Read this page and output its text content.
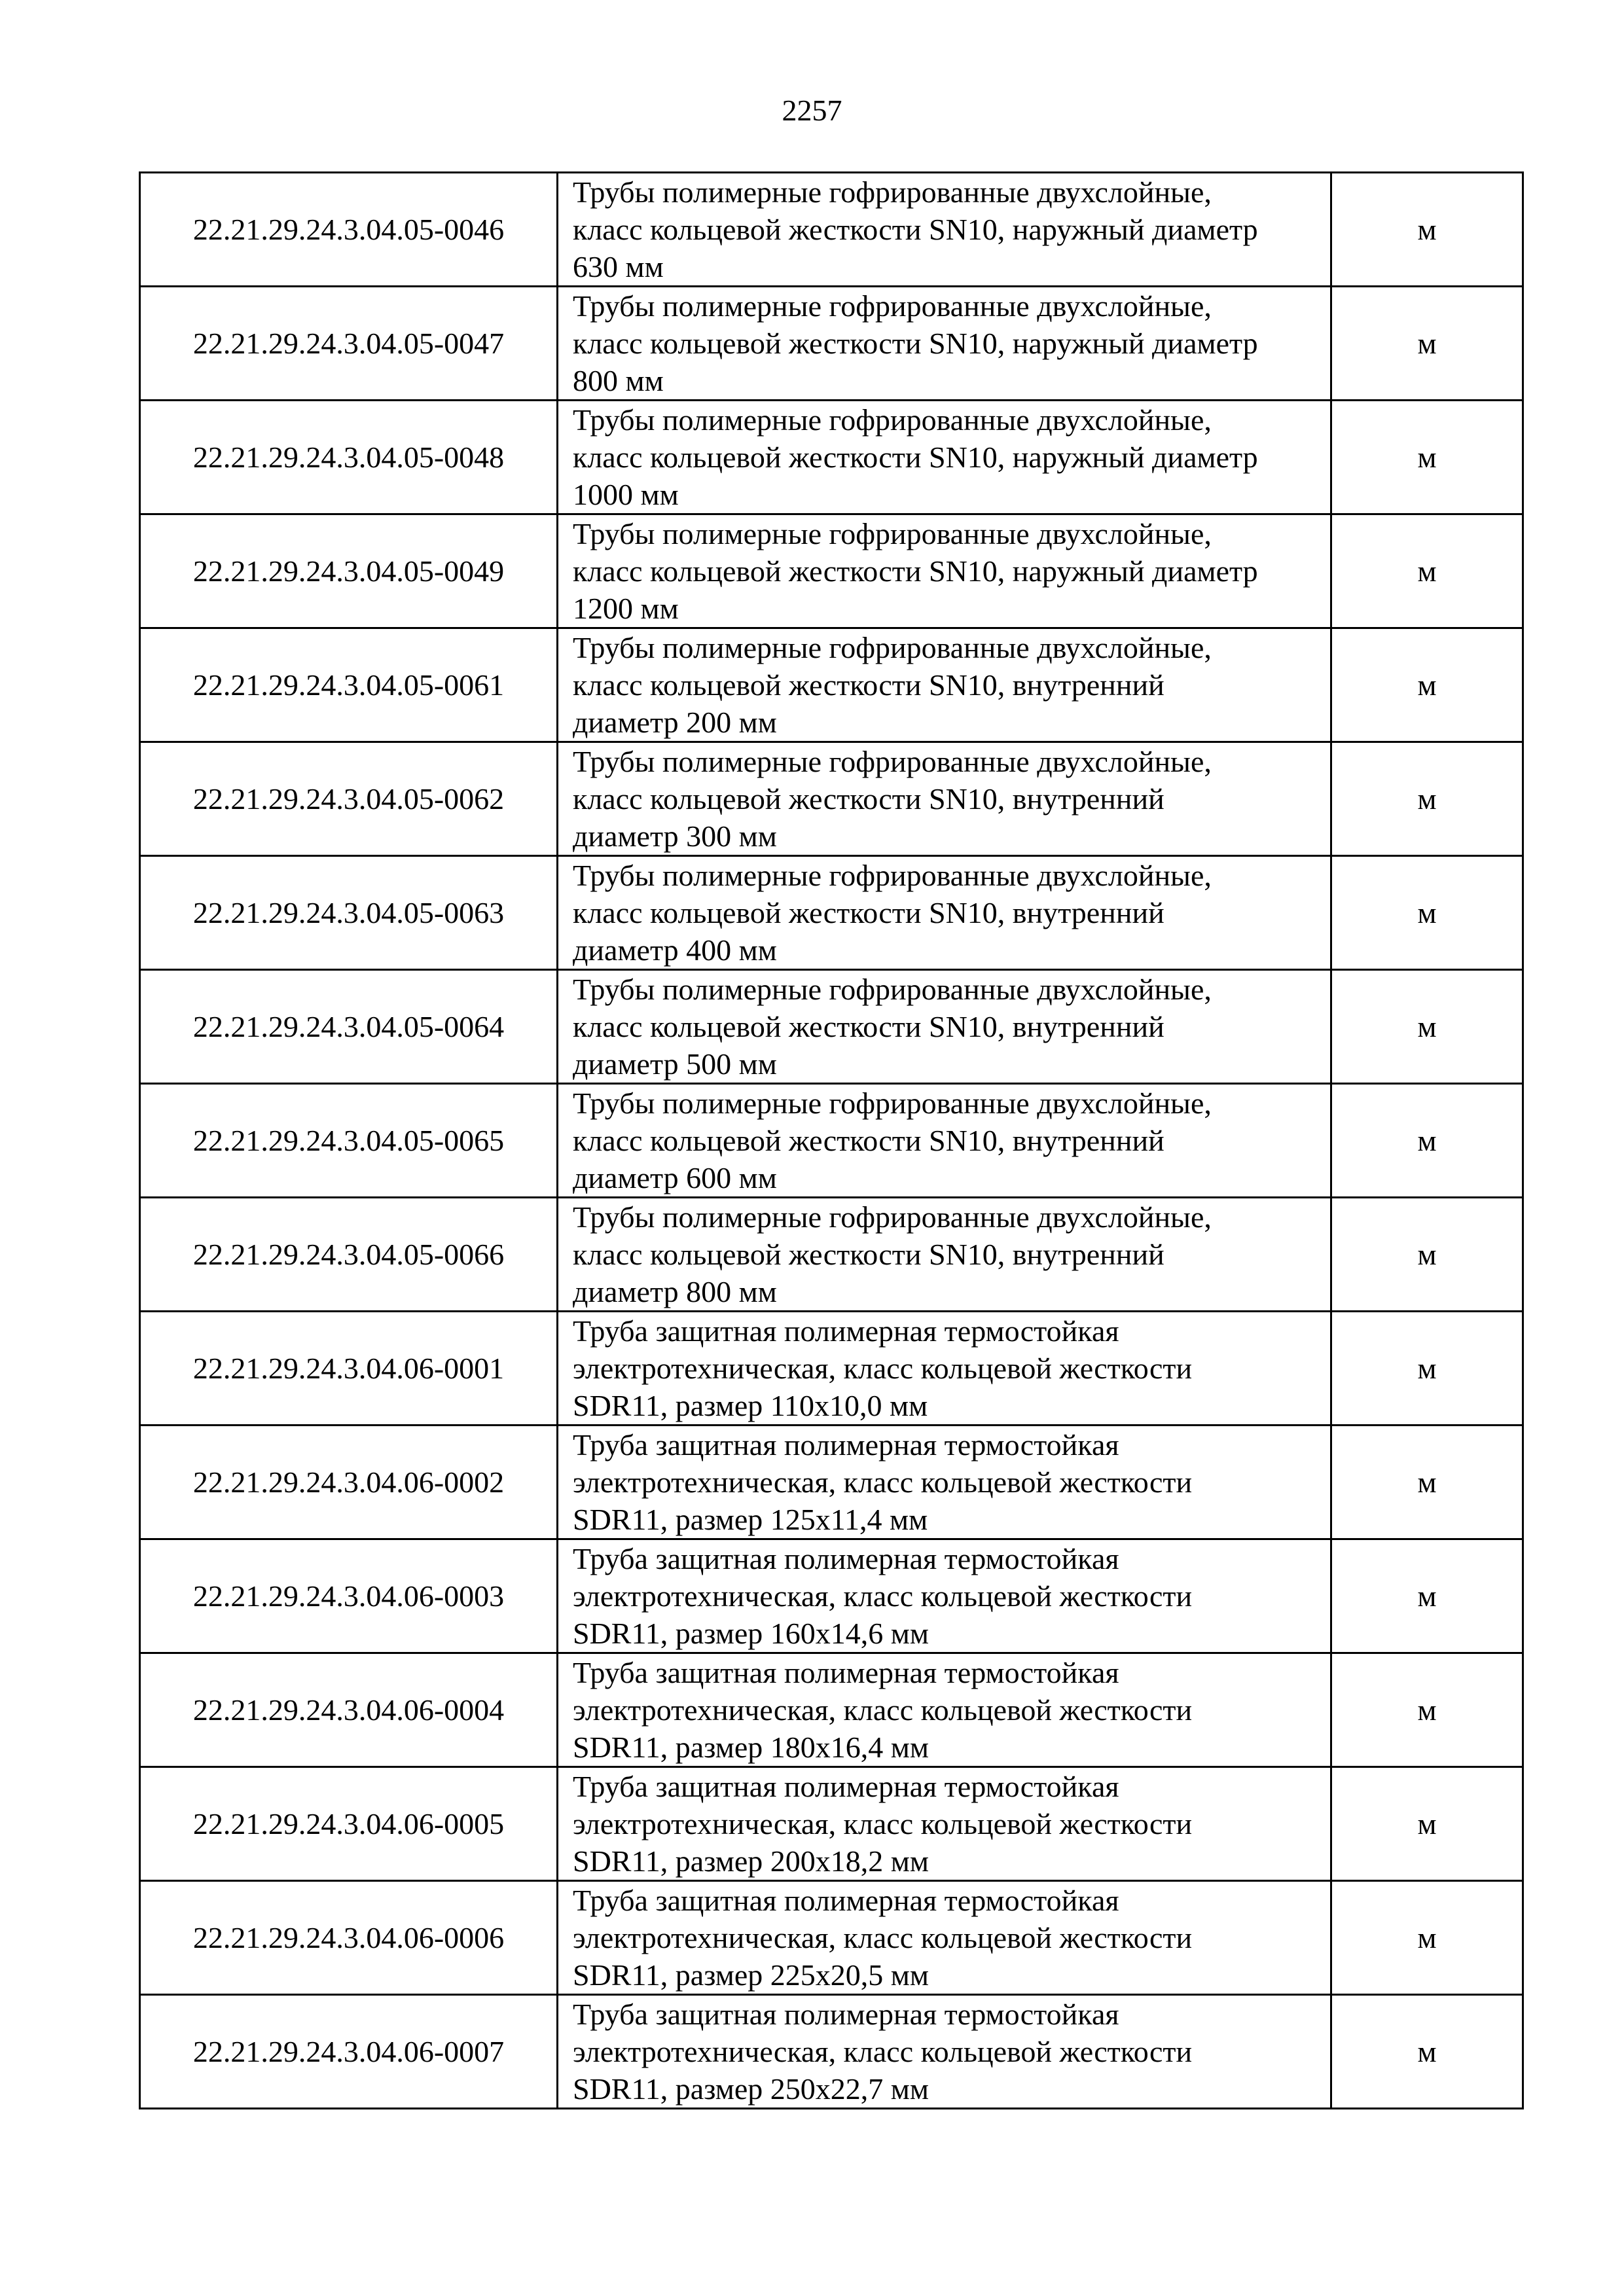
2257
22.21.29.24.3.04.05-0046	Трубы полимерные гофрированные двухслойные,
класс кольцевой жесткости SN10, наружный диаметр
630 мм	м
22.21.29.24.3.04.05-0047	Трубы полимерные гофрированные двухслойные,
класс кольцевой жесткости SN10, наружный диаметр
800 мм	м
22.21.29.24.3.04.05-0048	Трубы полимерные гофрированные двухслойные,
класс кольцевой жесткости SN10, наружный диаметр
1000 мм	м
22.21.29.24.3.04.05-0049	Трубы полимерные гофрированные двухслойные,
класс кольцевой жесткости SN10, наружный диаметр
1200 мм	м
22.21.29.24.3.04.05-0061	Трубы полимерные гофрированные двухслойные,
класс кольцевой жесткости SN10, внутренний
диаметр 200 мм	м
22.21.29.24.3.04.05-0062	Трубы полимерные гофрированные двухслойные,
класс кольцевой жесткости SN10, внутренний
диаметр 300 мм	м
22.21.29.24.3.04.05-0063	Трубы полимерные гофрированные двухслойные,
класс кольцевой жесткости SN10, внутренний
диаметр 400 мм	м
22.21.29.24.3.04.05-0064	Трубы полимерные гофрированные двухслойные,
класс кольцевой жесткости SN10, внутренний
диаметр 500 мм	м
22.21.29.24.3.04.05-0065	Трубы полимерные гофрированные двухслойные,
класс кольцевой жесткости SN10, внутренний
диаметр 600 мм	м
22.21.29.24.3.04.05-0066	Трубы полимерные гофрированные двухслойные,
класс кольцевой жесткости SN10, внутренний
диаметр 800 мм	м
22.21.29.24.3.04.06-0001	Труба защитная полимерная термостойкая
электротехническая, класс кольцевой жесткости
SDR11, размер 110х10,0 мм	м
22.21.29.24.3.04.06-0002	Труба защитная полимерная термостойкая
электротехническая, класс кольцевой жесткости
SDR11, размер 125х11,4 мм	м
22.21.29.24.3.04.06-0003	Труба защитная полимерная термостойкая
электротехническая, класс кольцевой жесткости
SDR11, размер 160х14,6 мм	м
22.21.29.24.3.04.06-0004	Труба защитная полимерная термостойкая
электротехническая, класс кольцевой жесткости
SDR11, размер 180х16,4 мм	м
22.21.29.24.3.04.06-0005	Труба защитная полимерная термостойкая
электротехническая, класс кольцевой жесткости
SDR11, размер 200х18,2 мм	м
22.21.29.24.3.04.06-0006	Труба защитная полимерная термостойкая
электротехническая, класс кольцевой жесткости
SDR11, размер 225х20,5 мм	м
22.21.29.24.3.04.06-0007	Труба защитная полимерная термостойкая
электротехническая, класс кольцевой жесткости
SDR11, размер 250х22,7 мм	м
